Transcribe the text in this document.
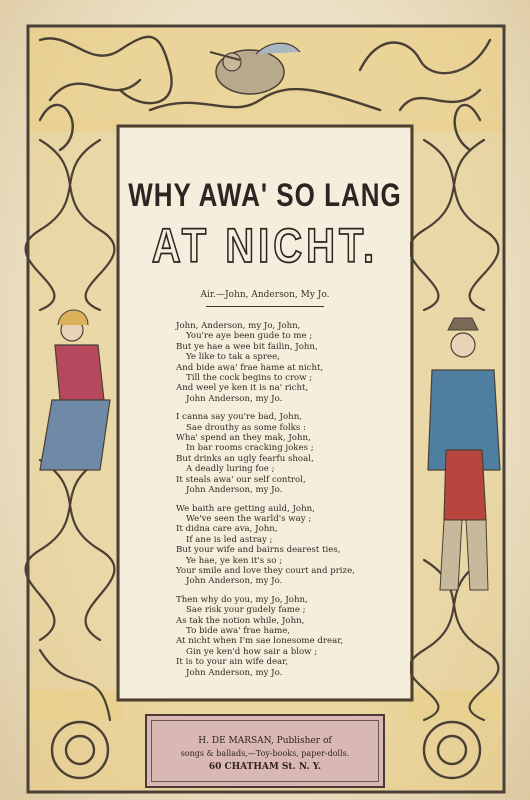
WHY AWA' SO LANG
AT NICHT.
Air.—John, Anderson, My Jo.
John, Anderson, my Jo, John,
You're aye been gude to me ;
But ye hae a wee bit failin, John,
Ye like to tak a spree,
And bide awa' frae hame at nicht,
Till the cock begins to crow ;
And weel ye ken it is na' richt,
John Anderson, my Jo.
I canna say you're bad, John,
Sae drouthy as some folks :
Wha' spend an they mak, John,
In bar rooms cracking jokes ;
But drinks an ugly fearfu shoal,
A deadly luring foe ;
It steals awa' our self control,
John Anderson, my Jo.
We baith are getting auld, John,
We've seen the warld's way ;
It didna care ava, John,
If ane is led astray ;
But your wife and bairns dearest ties,
Ye hae, ye ken it's so ;
Your smile and love they court and prize,
John Anderson, my Jo.
Then why do you, my Jo, John,
Sae risk your gudely fame ;
As tak the notion while, John,
To bide awa' frae hame,
At nicht when I'm sae lonesome drear,
Gin ye ken'd how sair a blow ;
It is to your ain wife dear,
John Anderson, my Jo.
H. DE MARSAN, Publisher of
songs & ballads,—Toy-books, paper-dolls.
60 CHATHAM St. N. Y.
